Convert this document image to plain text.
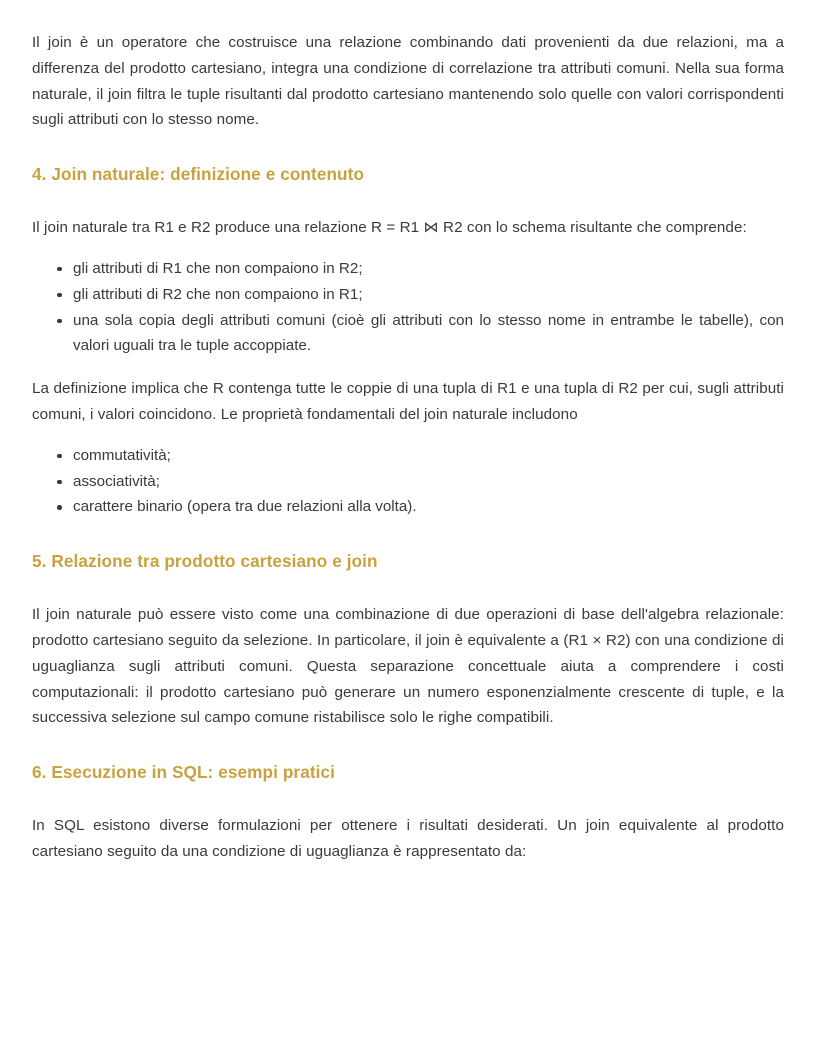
Il join è un operatore che costruisce una relazione combinando dati provenienti da due relazioni, ma a differenza del prodotto cartesiano, integra una condizione di correlazione tra attributi comuni. Nella sua forma naturale, il join filtra le tuple risultanti dal prodotto cartesiano mantenendo solo quelle con valori corrispondenti sugli attributi con lo stesso nome.

4. Join naturale: definizione e contenuto

Il join naturale tra R1 e R2 produce una relazione R = R1 ⋈ R2 con lo schema risultante che comprende:

gli attributi di R1 che non compaiono in R2;
gli attributi di R2 che non compaiono in R1;
una sola copia degli attributi comuni (cioè gli attributi con lo stesso nome in entrambe le tabelle), con valori uguali tra le tuple accoppiate.

La definizione implica che R contenga tutte le coppie di una tupla di R1 e una tupla di R2 per cui, sugli attributi comuni, i valori coincidono. Le proprietà fondamentali del join naturale includono

commutatività;
associatività;
carattere binario (opera tra due relazioni alla volta).
5. Relazione tra prodotto cartesiano e join

Il join naturale può essere visto come una combinazione di due operazioni di base dell'algebra relazionale: prodotto cartesiano seguito da selezione. In particolare, il join è equivalente a (R1 × R2) con una condizione di uguaglianza sugli attributi comuni. Questa separazione concettuale aiuta a comprendere i costi computazionali: il prodotto cartesiano può generare un numero esponenzialmente crescente di tuple, e la successiva selezione sul campo comune ristabilisce solo le righe compatibili.

6. Esecuzione in SQL: esempi pratici

In SQL esistono diverse formulazioni per ottenere i risultati desiderati. Un join equivalente al prodotto cartesiano seguito da una condizione di uguaglianza è rappresentato da:
